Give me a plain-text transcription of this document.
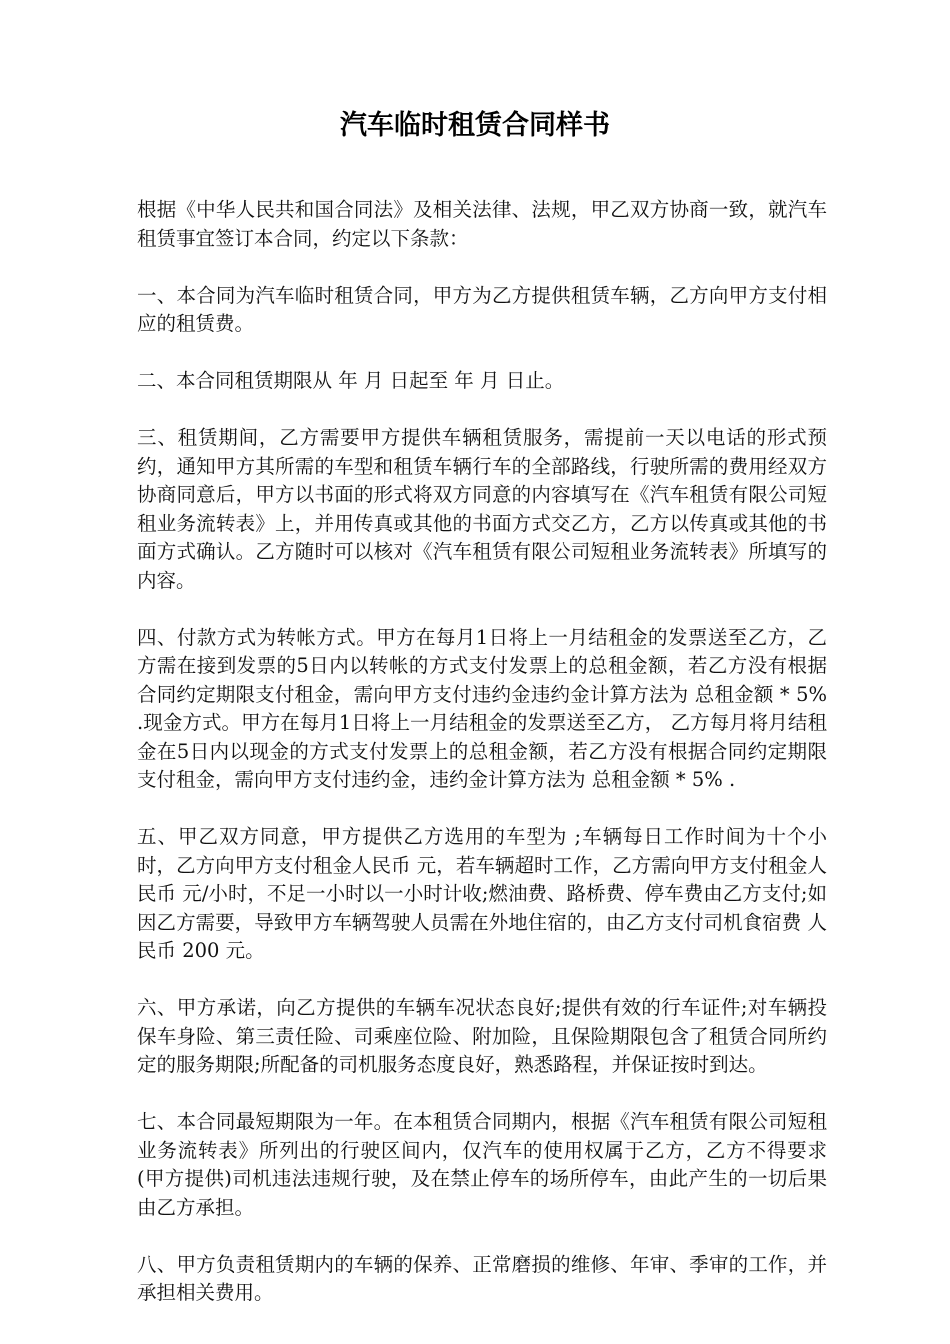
汽车临时租赁合同样书

根据《中华人民共和国合同法》及相关法律、法规，甲乙双方协商一致，就汽车租赁事宜签订本合同，约定以下条款：

一、本合同为汽车临时租赁合同，甲方为乙方提供租赁车辆，乙方向甲方支付相应的租赁费。

二、本合同租赁期限从 年 月 日起至 年 月 日止。

三、租赁期间，乙方需要甲方提供车辆租赁服务，需提前一天以电话的形式预约，通知甲方其所需的车型和租赁车辆行车的全部路线，行驶所需的费用经双方协商同意后，甲方以书面的形式将双方同意的内容填写在《汽车租赁有限公司短租业务流转表》上，并用传真或其他的书面方式交乙方，乙方以传真或其他的书面方式确认。乙方随时可以核对《汽车租赁有限公司短租业务流转表》所填写的内容。

四、付款方式为转帐方式。甲方在每月1日将上一月结租金的发票送至乙方，乙方需在接到发票的5日内以转帐的方式支付发票上的总租金额，若乙方没有根据合同约定期限支付租金，需向甲方支付违约金违约金计算方法为 总租金额 * 5% .现金方式。甲方在每月1日将上一月结租金的发票送至乙方， 乙方每月将月结租金在5日内以现金的方式支付发票上的总租金额，若乙方没有根据合同约定期限支付租金，需向甲方支付违约金，违约金计算方法为 总租金额 * 5% .

五、甲乙双方同意，甲方提供乙方选用的车型为 ;车辆每日工作时间为十个小时，乙方向甲方支付租金人民币 元，若车辆超时工作，乙方需向甲方支付租金人民币 元/小时，不足一小时以一小时计收;燃油费、路桥费、停车费由乙方支付;如因乙方需要，导致甲方车辆驾驶人员需在外地住宿的，由乙方支付司机食宿费 人民币 200 元。

六、甲方承诺，向乙方提供的车辆车况状态良好;提供有效的行车证件;对车辆投保车身险、第三责任险、司乘座位险、附加险，且保险期限包含了租赁合同所约定的服务期限;所配备的司机服务态度良好，熟悉路程，并保证按时到达。

七、本合同最短期限为一年。在本租赁合同期内，根据《汽车租赁有限公司短租业务流转表》所列出的行驶区间内，仅汽车的使用权属于乙方，乙方不得要求(甲方提供)司机违法违规行驶，及在禁止停车的场所停车，由此产生的一切后果由乙方承担。

八、甲方负责租赁期内的车辆的保养、正常磨损的维修、年审、季审的工作，并承担相关费用。
